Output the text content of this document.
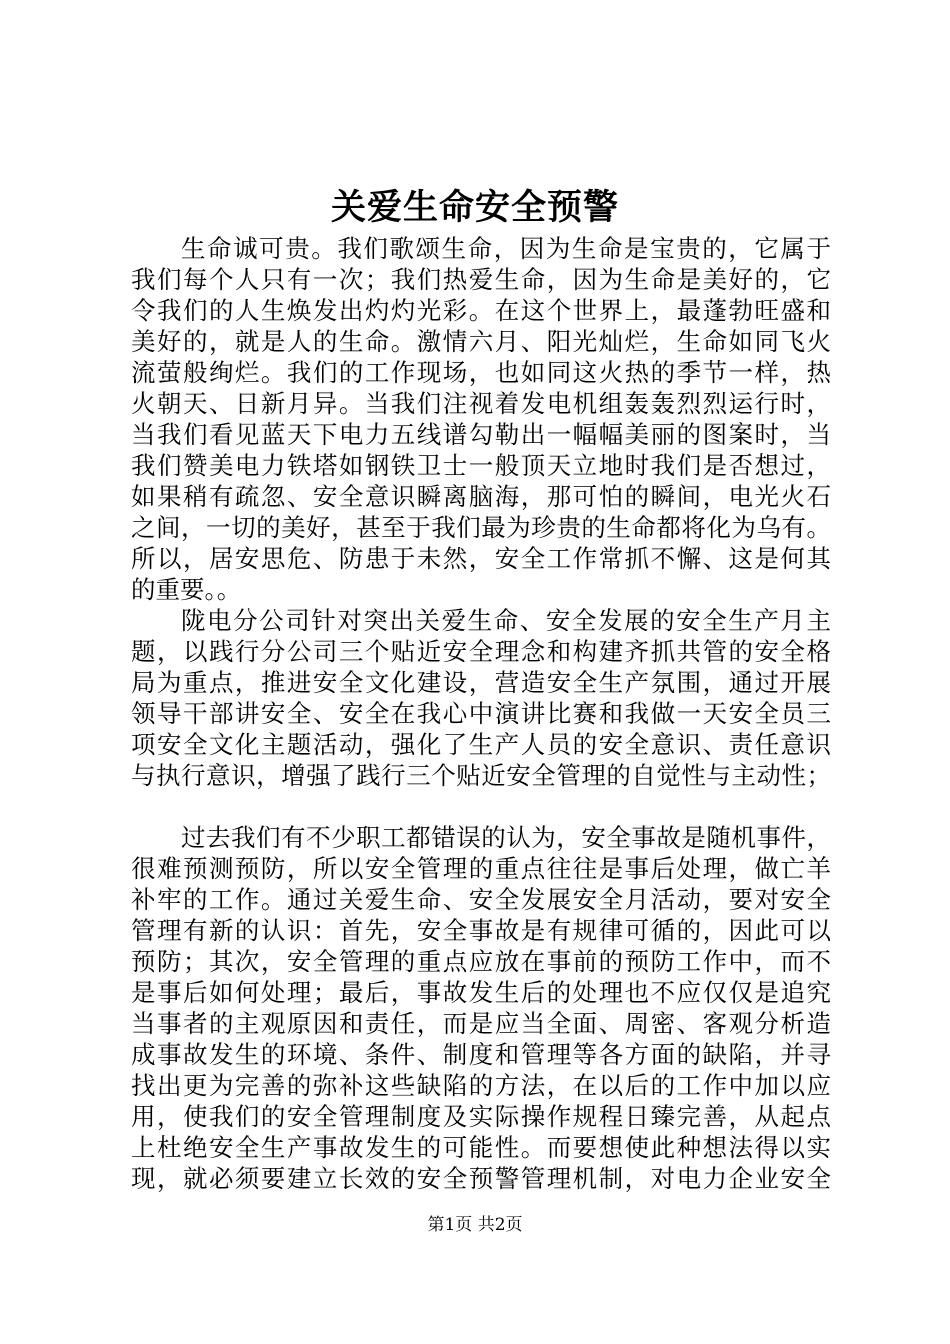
关爱生命安全预警
生命诚可贵。我们歌颂生命，因为生命是宝贵的，它属于
我们每个人只有一次；我们热爱生命，因为生命是美好的，它
令我们的人生焕发出灼灼光彩。在这个世界上，最蓬勃旺盛和
美好的，就是人的生命。激情六月、阳光灿烂，生命如同飞火
流萤般绚烂。我们的工作现场，也如同这火热的季节一样，热
火朝天、日新月异。当我们注视着发电机组轰轰烈烈运行时，
当我们看见蓝天下电力五线谱勾勒出一幅幅美丽的图案时，当
我们赞美电力铁塔如钢铁卫士一般顶天立地时我们是否想过，
如果稍有疏忽、安全意识瞬离脑海，那可怕的瞬间，电光火石
之间，一切的美好，甚至于我们最为珍贵的生命都将化为乌有。
所以，居安思危、防患于未然，安全工作常抓不懈、这是何其
的重要。。
陇电分公司针对突出关爱生命、安全发展的安全生产月主
题，以践行分公司三个贴近安全理念和构建齐抓共管的安全格
局为重点，推进安全文化建设，营造安全生产氛围，通过开展
领导干部讲安全、安全在我心中演讲比赛和我做一天安全员三
项安全文化主题活动，强化了生产人员的安全意识、责任意识
与执行意识，增强了践行三个贴近安全管理的自觉性与主动性；
过去我们有不少职工都错误的认为，安全事故是随机事件，
很难预测预防，所以安全管理的重点往往是事后处理，做亡羊
补牢的工作。通过关爱生命、安全发展安全月活动，要对安全
管理有新的认识：首先，安全事故是有规律可循的，因此可以
预防；其次，安全管理的重点应放在事前的预防工作中，而不
是事后如何处理；最后，事故发生后的处理也不应仅仅是追究
当事者的主观原因和责任，而是应当全面、周密、客观分析造
成事故发生的环境、条件、制度和管理等各方面的缺陷，并寻
找出更为完善的弥补这些缺陷的方法，在以后的工作中加以应
用，使我们的安全管理制度及实际操作规程日臻完善，从起点
上杜绝安全生产事故发生的可能性。而要想使此种想法得以实
现，就必须要建立长效的安全预警管理机制，对电力企业安全
第1页 共2页
